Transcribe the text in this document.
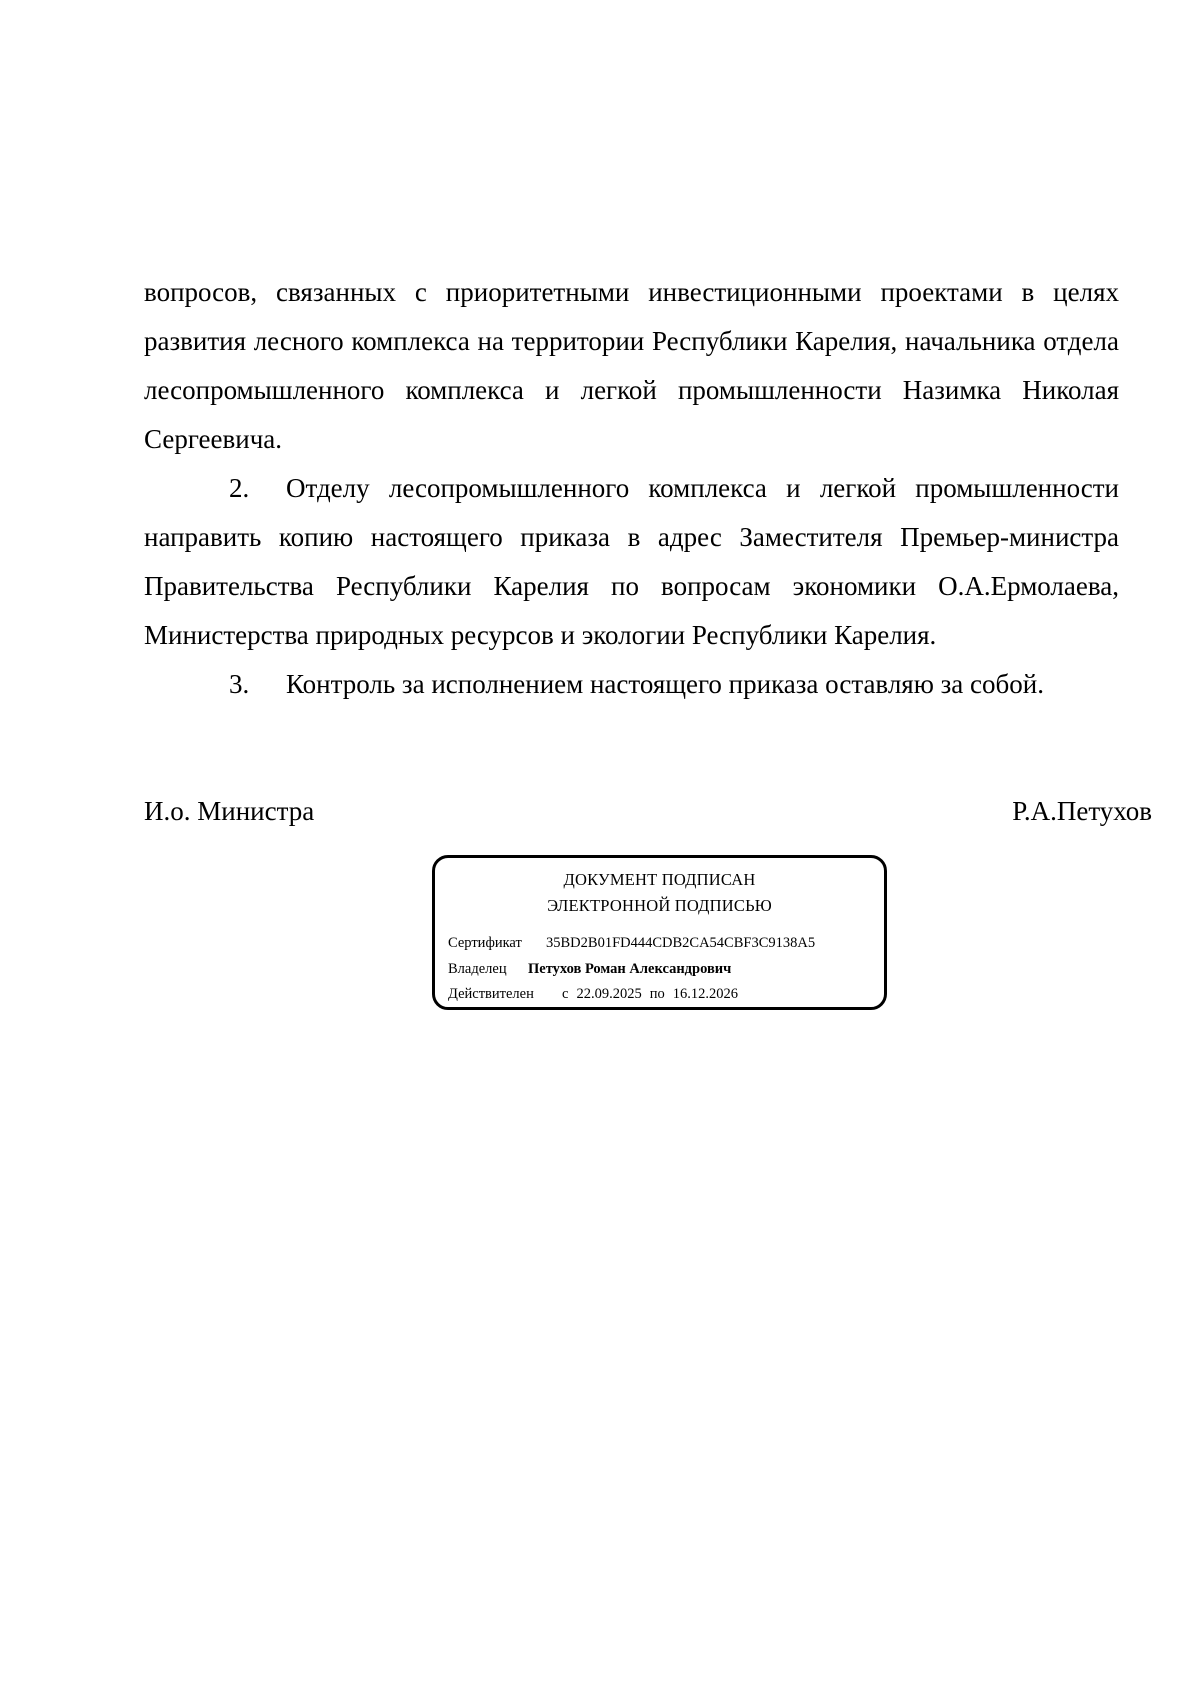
вопросов, связанных с приоритетными инвестиционными проектами в целях развития лесного комплекса на территории Республики Карелия, начальника отдела лесопромышленного комплекса и легкой промышленности Назимка Николая Сергеевича.

2. Отделу лесопромышленного комплекса и легкой промышленности направить копию настоящего приказа в адрес Заместителя Премьер-министра Правительства Республики Карелия по вопросам экономики О.А.Ермолаева, Министерства природных ресурсов и экологии Республики Карелия.

3. Контроль за исполнением настоящего приказа оставляю за собой.

И.о. Министра	Р.А.Петухов
ДОКУМЕНТ ПОДПИСАН
ЭЛЕКТРОННОЙ ПОДПИСЬЮ
Сертификат 35BD2B01FD444CDB2CA54CBF3C9138A5
Владелец Петухов Роман Александрович
Действителен с 22.09.2025 по 16.12.2026
